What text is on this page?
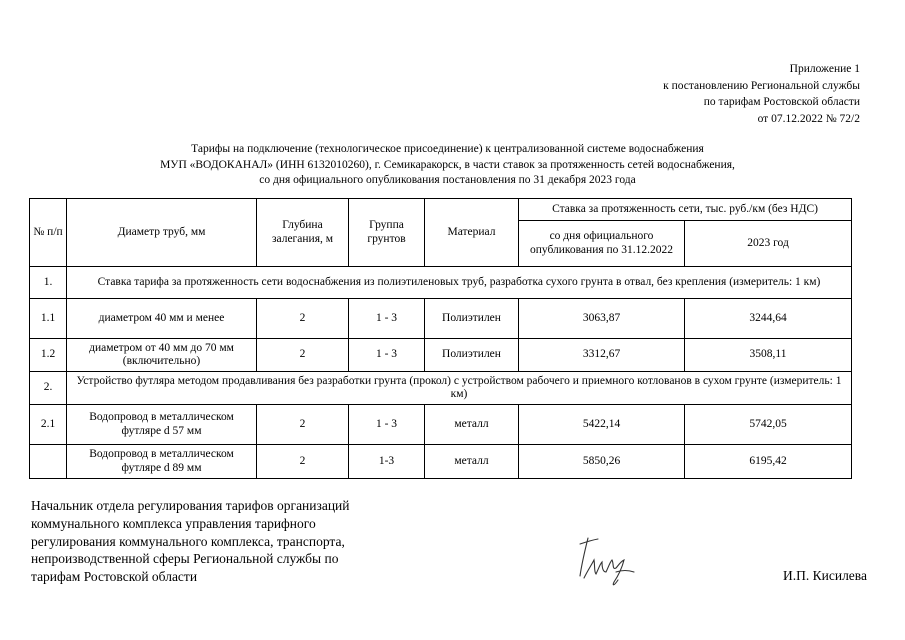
Приложение 1
к постановлению Региональной службы
по тарифам Ростовской области
от 07.12.2022 № 72/2
Тарифы на подключение (технологическое присоединение) к централизованной системе водоснабжения
МУП «ВОДОКАНАЛ» (ИНН 6132010260), г. Семикаракорск, в части ставок за протяженность сетей водоснабжения,
со дня официального опубликования постановления по 31 декабря 2023 года
№ п/п	Диаметр труб, мм	Глубина залегания, м	Группа грунтов	Материал	Ставка за протяженность сети, тыс. руб./км (без НДС)	
					со дня официального опубликования по 31.12.2022	2023 год
1.	Ставка тарифа за протяженность сети водоснабжения из полиэтиленовых труб, разработка сухого грунта в отвал, без крепления (измеритель: 1 км)					
1.1	диаметром 40 мм и менее	2	1 - 3	Полиэтилен	3063,87	3244,64
1.2	диаметром от 40 мм до 70 мм (включительно)	2	1 - 3	Полиэтилен	3312,67	3508,11
2.	Устройство футляра методом продавливания без разработки грунта (прокол) с устройством рабочего и приемного котлованов в сухом грунте (измеритель: 1 км)					
2.1	Водопровод в металлическом футляре d 57 мм	2	1 - 3	металл	5422,14	5742,05
	Водопровод в металлическом футляре d 89 мм	2	1-3	металл	5850,26	6195,42
Начальник отдела регулирования тарифов организаций
коммунального комплекса управления тарифного
регулирования коммунального комплекса, транспорта,
непроизводственной сферы Региональной службы по
тарифам Ростовской области	И.П. Кисилева
